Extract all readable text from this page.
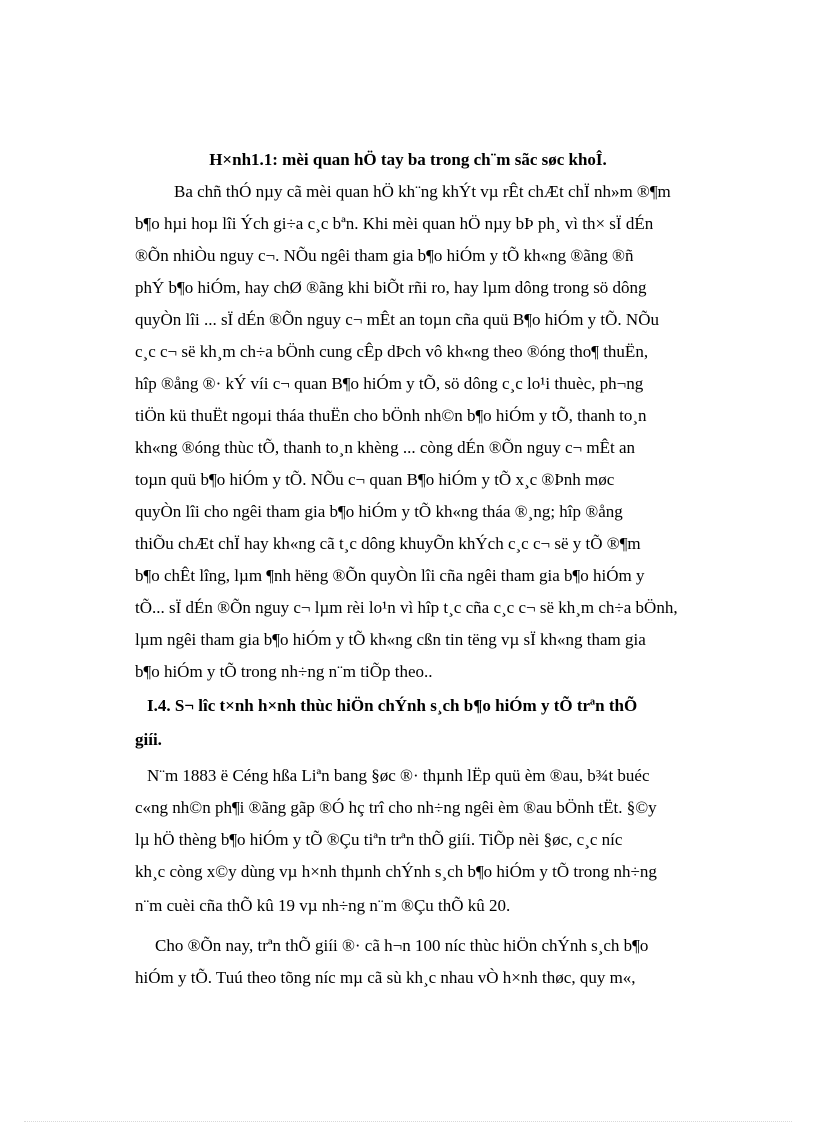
H×nh1.1: mèi quan hÖ tay ba trong ch¨m sãc søc khoÎ.
Ba chñ thÓ nµy cã mèi quan hÖ kh¨ng khÝt vµ rÊt chÆt chÏ nh»m ®¶m
b¶o hµi hoµ lîi Ých gi÷a c¸c bªn. Khi mèi quan hÖ nµy bÞ ph¸ vì th× sÏ dÉn
®Õn nhiÒu nguy c¬. NÕu ngêi tham gia b¶o hiÓm y tÕ kh«ng ®ãng ®ñ
phÝ b¶o hiÓm, hay chØ ®ãng khi biÕt rñi ro, hay lµm dông trong sö dông
quyÒn lîi ... sÏ dÉn ®Õn nguy c¬ mÊt an toµn cña quü B¶o hiÓm y tÕ. NÕu
c¸c c¬ së kh¸m ch÷a bÖnh cung cÊp dÞch vô kh«ng theo ®óng tho¶ thuËn,
hîp ®ång ®· kÝ víi c¬ quan B¶o hiÓm y tÕ, sö dông c¸c lo¹i thuèc, ph¬ng
tiÖn kü thuËt ngoµi tháa thuËn cho bÖnh nh©n b¶o hiÓm y tÕ, thanh to¸n
kh«ng ®óng thùc tÕ, thanh to¸n khèng ... còng dÉn ®Õn nguy c¬ mÊt an
toµn quü b¶o hiÓm y tÕ. NÕu c¬ quan B¶o hiÓm y tÕ x¸c ®Þnh møc
quyÒn lîi cho ngêi tham gia b¶o hiÓm y tÕ kh«ng tháa ®¸ng; hîp ®ång
thiÕu chÆt chÏ hay kh«ng cã t¸c dông khuyÕn khÝch c¸c c¬ së y tÕ ®¶m
b¶o chÊt lîng, lµm ¶nh hëng ®Õn quyÒn lîi cña ngêi tham gia b¶o hiÓm y
tÕ... sÏ dÉn ®Õn nguy c¬ lµm rèi lo¹n vì hîp t¸c cña c¸c c¬ së kh¸m ch÷a bÖnh,
lµm ngêi tham gia b¶o hiÓm y tÕ kh«ng cßn tin tëng vµ sÏ kh«ng tham gia
b¶o hiÓm y tÕ trong nh÷ng n¨m tiÕp theo..
I.4. S¬ lîc t×nh h×nh thùc hiÖn chÝnh s¸ch b¶o hiÓm y tÕ trªn thÕ
giíi.
N¨m 1883 ë Céng hßa Liªn bang §øc ®· thµnh lËp quü èm ®au, b¾t buéc
c«ng nh©n ph¶i ®ãng gãp ®Ó hç trî cho nh÷ng ngêi èm ®au bÖnh tËt. §©y
lµ hÖ thèng b¶o hiÓm y tÕ ®Çu tiªn trªn thÕ giíi. TiÕp nèi §øc, c¸c níc
kh¸c còng x©y dùng vµ h×nh thµnh chÝnh s¸ch b¶o hiÓm y tÕ trong nh÷ng
n¨m cuèi cña thÕ kû 19 vµ nh÷ng n¨m ®Çu thÕ kû 20.
Cho ®Õn nay, trªn thÕ giíi ®· cã h¬n 100 níc thùc hiÖn chÝnh s¸ch b¶o
hiÓm y tÕ. Tuú theo tõng níc mµ cã sù kh¸c nhau vÒ h×nh thøc, quy m«,
